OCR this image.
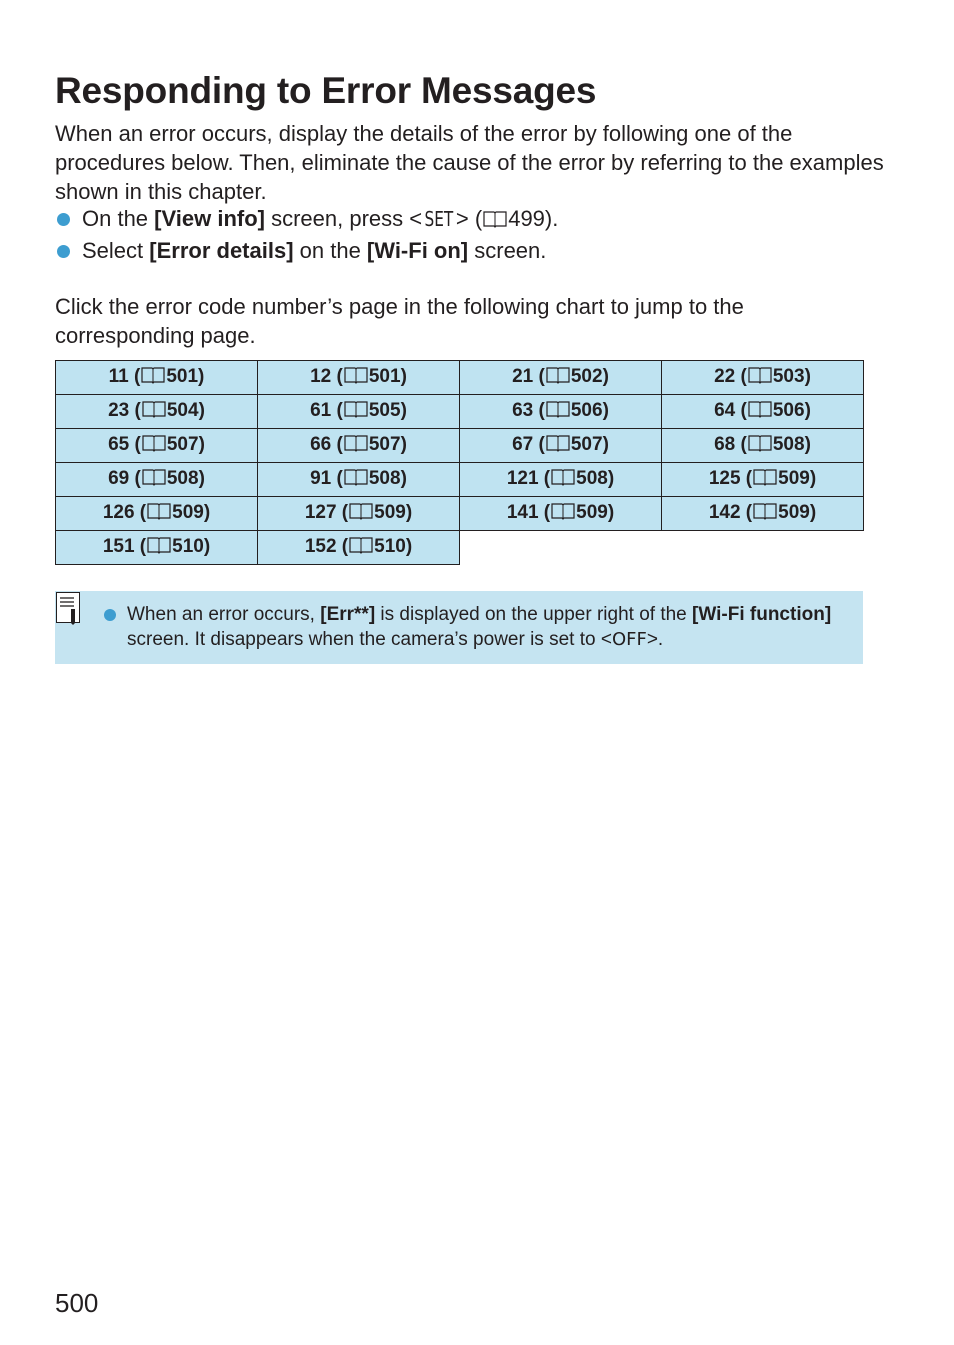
Responding to Error Messages

When an error occurs, display the details of the error by following one of the procedures below. Then, eliminate the cause of the error by referring to the examples shown in this chapter.

On the [View info] screen, press < SET > ( 499).
Select [Error details] on the [Wi-Fi on] screen.

Click the error code number’s page in the following chart to jump to the corresponding page.

11 ( 501)	12 ( 501)	21 ( 502)	22 ( 503)
23 ( 504)	61 ( 505)	63 ( 506)	64 ( 506)
65 ( 507)	66 ( 507)	67 ( 507)	68 ( 508)
69 ( 508)	91 ( 508)	121 ( 508)	125 ( 509)
126 ( 509)	127 ( 509)	141 ( 509)	142 ( 509)
151 ( 510)	152 ( 510)		

When an error occurs, [Err**] is displayed on the upper right of the [Wi-Fi function] screen. It disappears when the camera’s power is set to <OFF>.

500
